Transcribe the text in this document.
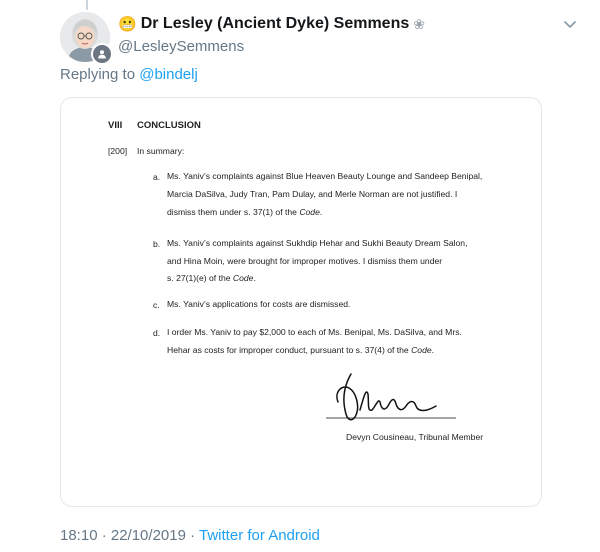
😬 Dr Lesley (Ancient Dyke) Semmens ❀
@LesleySemmens
Replying to @bindelj
VIII CONCLUSION
[200] In summary:
a. Ms. Yaniv’s complaints against Blue Heaven Beauty Lounge and Sandeep Benipal,
Marcia DaSilva, Judy Tran, Pam Dulay, and Merle Norman are not justified. I
dismiss them under s. 37(1) of the Code.
b. Ms. Yaniv’s complaints against Sukhdip Hehar and Sukhi Beauty Dream Salon,
and Hina Moin, were brought for improper motives. I dismiss them under
s. 27(1)(e) of the Code.
c. Ms. Yaniv’s applications for costs are dismissed.
d. I order Ms. Yaniv to pay $2,000 to each of Ms. Benipal, Ms. DaSilva, and Mrs.
Hehar as costs for improper conduct, pursuant to s. 37(4) of the Code.
Devyn Cousineau, Tribunal Member
18:10 · 22/10/2019 · Twitter for Android
